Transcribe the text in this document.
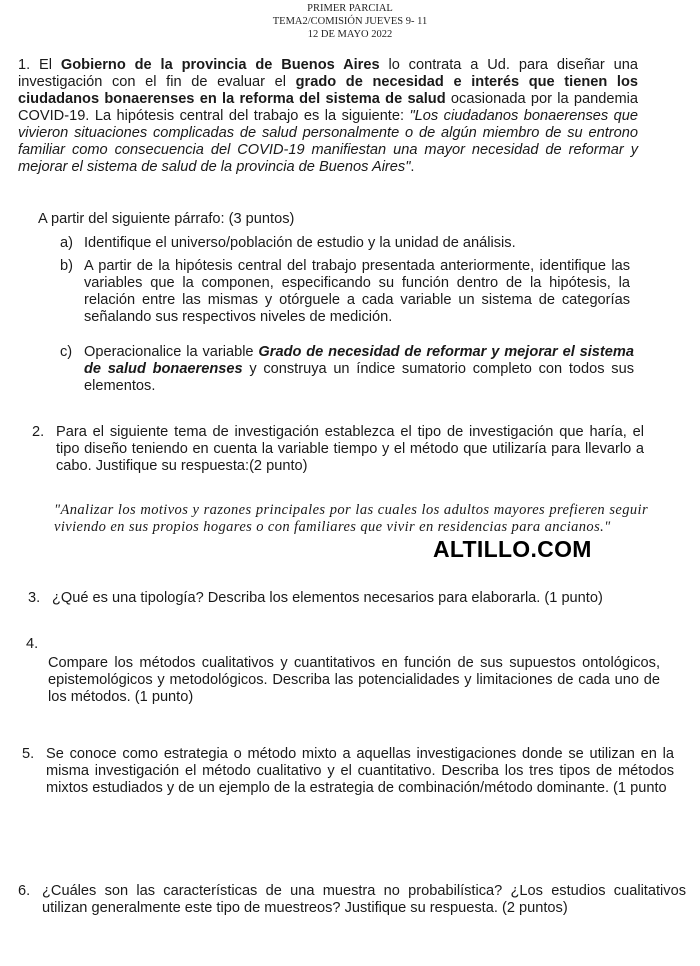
PRIMER PARCIAL
TEMA2/COMISIÓN JUEVES 9- 11
12 DE MAYO 2022
1. El Gobierno de la provincia de Buenos Aires lo contrata a Ud. para diseñar una investigación con el fin de evaluar el grado de necesidad e interés que tienen los ciudadanos bonaerenses en la reforma del sistema de salud ocasionada por la pandemia COVID-19. La hipótesis central del trabajo es la siguiente: "Los ciudadanos bonaerenses que vivieron situaciones complicadas de salud personalmente o de algún miembro de su entrono familiar como consecuencia del COVID-19 manifiestan una mayor necesidad de reformar y mejorar el sistema de salud de la provincia de Buenos Aires".
A partir del siguiente párrafo: (3 puntos)
a) Identifique el universo/población de estudio y la unidad de análisis.
b) A partir de la hipótesis central del trabajo presentada anteriormente, identifique las variables que la componen, especificando su función dentro de la hipótesis, la relación entre las mismas y otórguele a cada variable un sistema de categorías señalando sus respectivos niveles de medición.
c) Operacionalice la variable Grado de necesidad de reformar y mejorar el sistema de salud bonaerenses y construya un índice sumatorio completo con todos sus elementos.
2. Para el siguiente tema de investigación establezca el tipo de investigación que haría, el tipo diseño teniendo en cuenta la variable tiempo y el método que utilizaría para llevarlo a cabo. Justifique su respuesta:(2 punto)
"Analizar los motivos y razones principales por las cuales los adultos mayores prefieren seguir viviendo en sus propios hogares o con familiares que vivir en residencias para ancianos."
ALTILLO.COM
3. ¿Qué es una tipología? Describa los elementos necesarios para elaborarla. (1 punto)
4.
Compare los métodos cualitativos y cuantitativos en función de sus supuestos ontológicos, epistemológicos y metodológicos. Describa las potencialidades y limitaciones de cada uno de los métodos. (1 punto)
5. Se conoce como estrategia o método mixto a aquellas investigaciones donde se utilizan en la misma investigación el método cualitativo y el cuantitativo. Describa los tres tipos de métodos mixtos estudiados y de un ejemplo de la estrategia de combinación/método dominante. (1 punto
6. ¿Cuáles son las características de una muestra no probabilística? ¿Los estudios cualitativos utilizan generalmente este tipo de muestreos? Justifique su respuesta. (2 puntos)
